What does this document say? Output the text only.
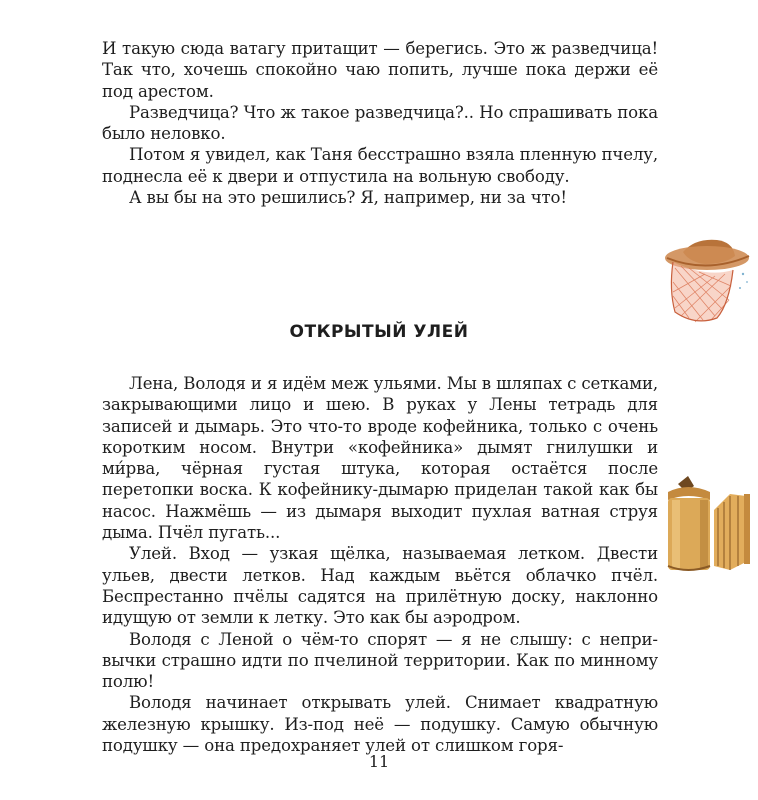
И такую сюда ватагу притащит — берегись. Это ж разведчица! Так что, хочешь спокойно чаю попить, лучше пока держи её под арестом.

Разведчица? Что ж такое разведчица?.. Но спрашивать пока было неловко.

Потом я увидел, как Таня бесстрашно взяла пленную пчелу, поднесла её к двери и отпустила на вольную свободу.

А вы бы на это решились? Я, например, ни за что!

ОТКРЫТЫЙ УЛЕЙ

Лена, Володя и я идём меж ульями. Мы в шляпах с сетками, закрывающими лицо и шею. В руках у Лены тетрадь для записей и дымарь. Это что-то вроде кофейника, только с очень коротким носом. Внутри «кофейника» дымят гнилушки и ми́рва, чёрная густая штука, которая остаётся после перетопки воска. К кофейнику-дымарю приделан такой как бы насос. Нажмёшь — из дымаря выходит пухлая ватная струя дыма. Пчёл пугать...

Улей. Вход — узкая щёлка, называемая летком. Двести ульев, двести летков. Над каждым вьётся облачко пчёл. Беспрестанно пчёлы садятся на прилётную доску, наклонно идущую от земли к летку. Это как бы аэродром.

Володя с Леной о чём-то спорят — я не слышу: с непривычки страшно идти по пчелиной территории. Как по минному полю!

Володя начинает открывать улей. Снимает квадратную железную крышку. Из-под неё — подушку. Самую обычную подушку — она предохраняет улей от слишком горя-

11
